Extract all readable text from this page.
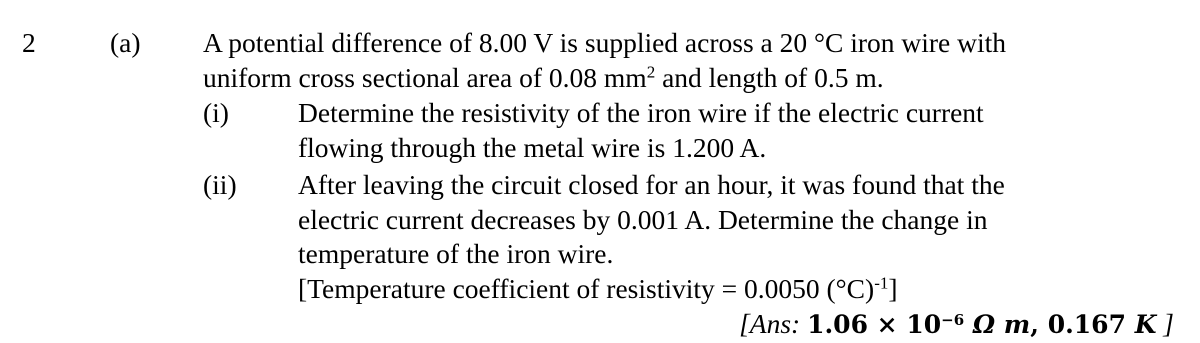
2	(a) A potential difference of 8.00 V is supplied across a 20 °C iron wire with
uniform cross sectional area of 0.08 $mm^2$ and length of 0.5 m.
(i)	Determine the resistivity of the iron wire if the electric current
flowing through the metal wire is 1.200 A.
(ii) After leaving the circuit closed for an hour, it was found that the
electric current decreases by 0.001 A. Determine the change in
temperature of the iron wire.
[Temperature coefficient of resistivity = 0.0050 $(^\circ C)^{-1}$]
[Ans: $1.06 \times 10^{-6}$ Ω m, 0.167 K ]
